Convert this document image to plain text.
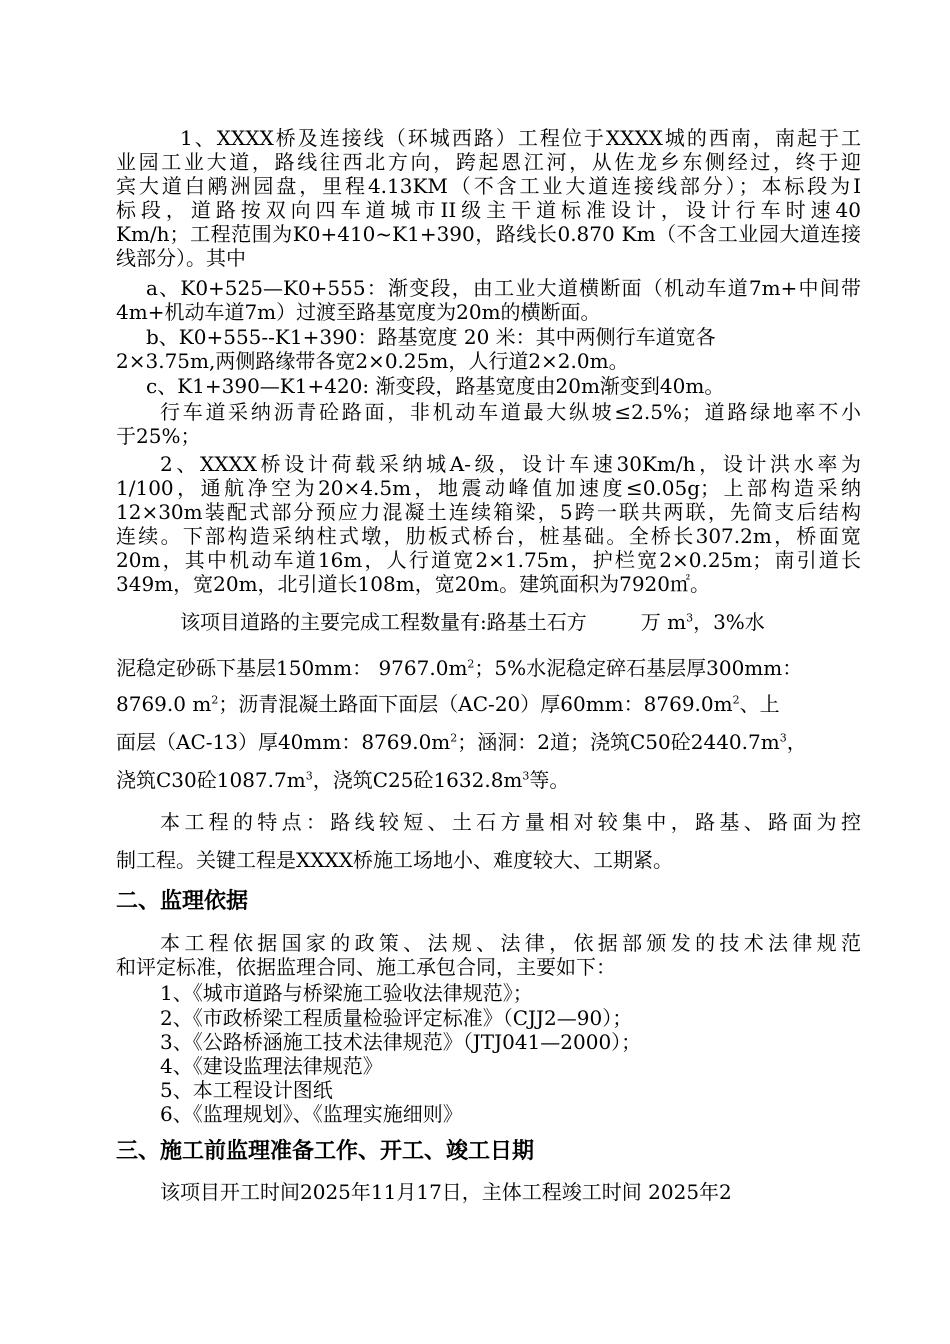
1、XXXX桥及连接线（环城西路）工程位于XXXX城的西南，南起于工
业园工业大道，路线往西北方向，跨起恩江河，从佐龙乡东侧经过，终于迎
宾大道白鹇洲园盘，里程4.13KM（不含工业大道连接线部分）；本标段为Ⅰ
标段，道路按双向四车道城市II级主干道标准设计，设计行车时速40
Km/h；工程范围为K0+410~K1+390，路线长0.870 Km（不含工业园大道连接
线部分）。其中
a、K0+525—K0+555：渐变段，由工业大道横断面（机动车道7m+中间带
4m+机动车道7m）过渡至路基宽度为20m的横断面。
b、K0+555--K1+390：路基宽度 20 米：其中两侧行车道宽各
2×3.75m,两侧路缘带各宽2×0.25m，人行道2×2.0m。
c、K1+390—K1+420: 渐变段，路基宽度由20m渐变到40m。
行车道采纳沥青砼路面，非机动车道最大纵坡≤2.5%；道路绿地率不小
于25%；
2、XXXX桥设计荷载采纳城A-级，设计车速30Km/h，设计洪水率为
1/100，通航净空为20×4.5m，地震动峰值加速度≤0.05g；上部构造采纳
12×30m装配式部分预应力混凝土连续箱梁，5跨一联共两联，先简支后结构
连续。下部构造采纳柱式墩，肋板式桥台，桩基础。全桥长307.2m，桥面宽
20m，其中机动车道16m，人行道宽2×1.75m，护栏宽2×0.25m；南引道长
349m，宽20m，北引道长108m，宽20m。建筑面积为7920㎡。
该项目道路的主要完成工程数量有:路基土石方	万 $m^3$，3%水
泥稳定砂砾下基层150mm： $9767.0m^2$；5%水泥稳定碎石基层厚300mm：
8769.0 $m^2$；沥青混凝土路面下面层（AC-20）厚60mm：$8769.0m^2$、上
面层（AC-13）厚40mm：$8769.0m^2$；涵洞：2道；浇筑C50砼$2440.7m^3$，
浇筑C30砼$1087.7m^3$，浇筑C25砼$1632.8m^3$等。
本工程的特点：路线较短、土石方量相对较集中，路基、路面为控
制工程。关键工程是XXXX桥施工场地小、难度较大、工期紧。
二、监理依据
本工程依据国家的政策、法规、法律，依据部颁发的技术法律规范
和评定标准，依据监理合同、施工承包合同，主要如下：
1、《城市道路与桥梁施工验收法律规范》；
2、《市政桥梁工程质量检验评定标准》（CJJ2—90）；
3、《公路桥涵施工技术法律规范》（JTJ041—2000）；
4、《建设监理法律规范》
5、本工程设计图纸
6、《监理规划》、《监理实施细则》
三、施工前监理准备工作、开工、竣工日期
该项目开工时间2025年11月17日，主体工程竣工时间 2025年2
